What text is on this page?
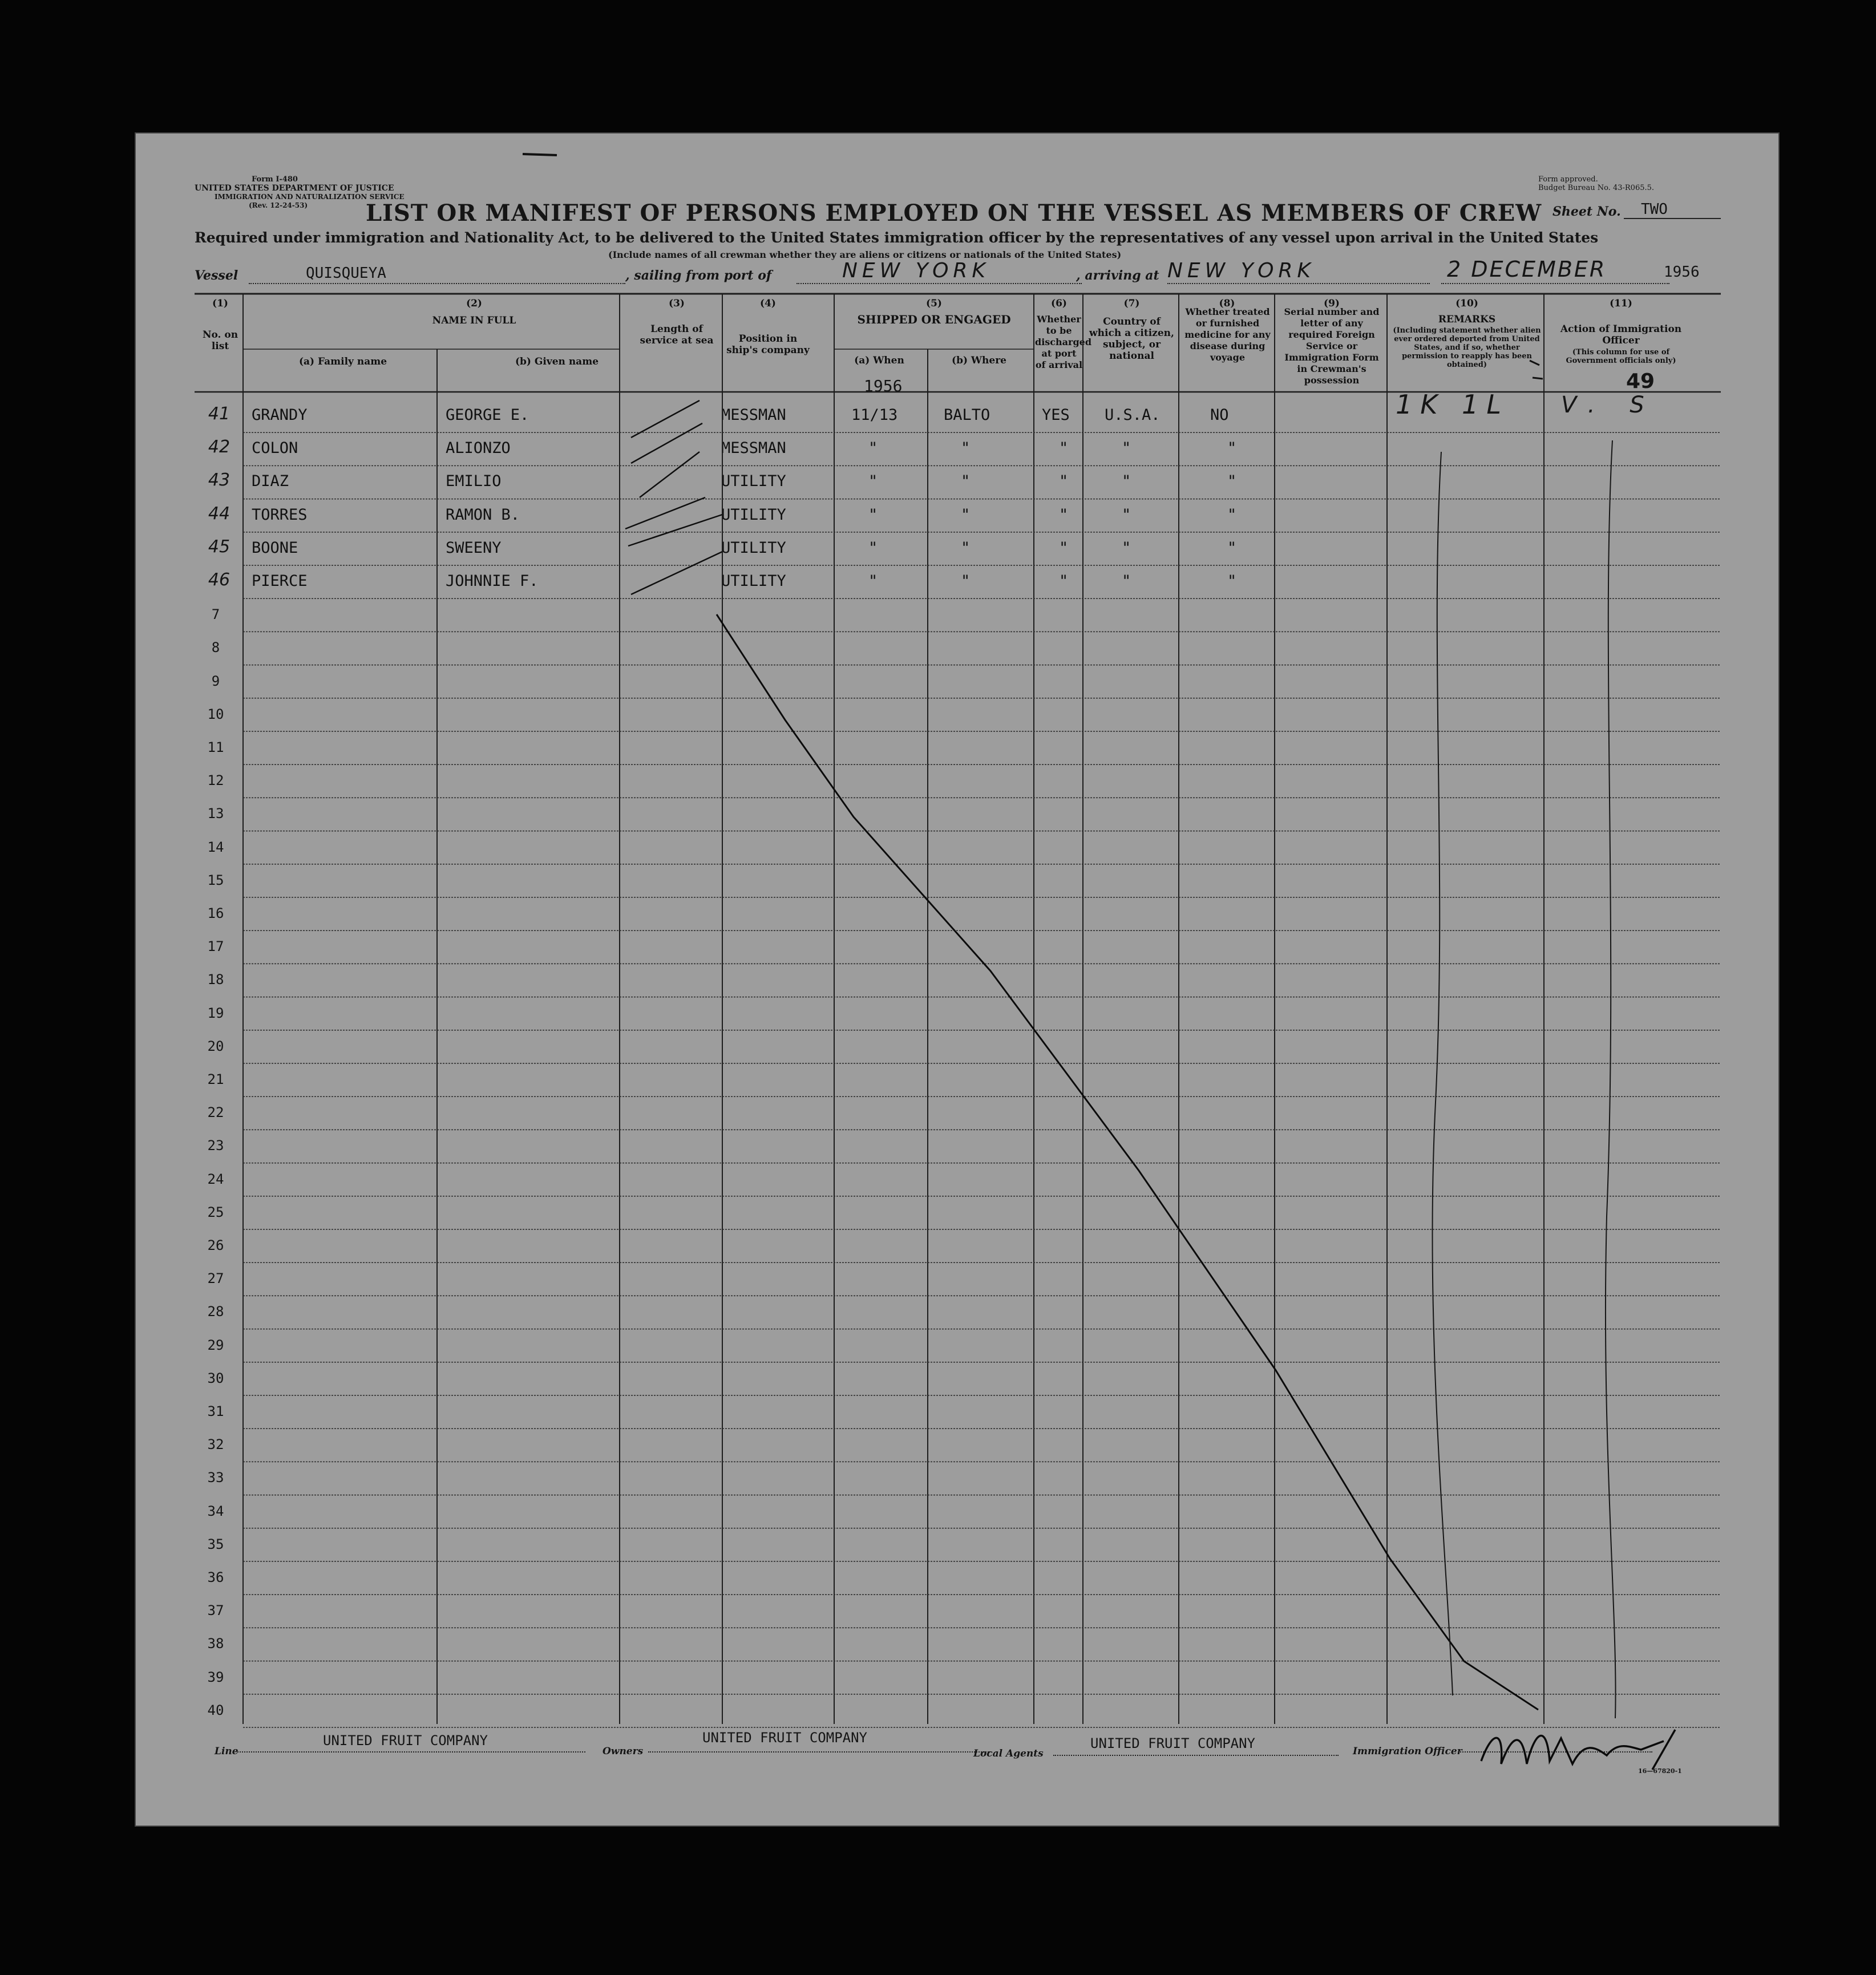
Form I-480
UNITED STATES DEPARTMENT OF JUSTICE
IMMIGRATION AND NATURALIZATION SERVICE
(Rev. 12-24-53)
Form approved.
Budget Bureau No. 43-R065.5.
LIST OR MANIFEST OF PERSONS EMPLOYED ON THE VESSEL AS MEMBERS OF CREW Sheet No. TWO
Required under immigration and Nationality Act, to be delivered to the United States immigration officer by the representatives of any vessel upon arrival in the United States
(Include names of all crewman whether they are aliens or citizens or nationals of the United States)
Vessel	QUISQUEYA	, sailing from port of	NEW YORK	, arriving at NEW YORK	2 DECEMBER	1956
(1)
No. on list
(2)
NAME IN FULL
(a) Family name	(b) Given name
(3)
Length of service at sea
(4)
Position in ship's company
(5)
SHIPPED OR ENGAGED
(a) When	(b) Where
1956
(6)
Whether to be discharged at port of arrival
(7)
Country of which a citizen, subject, or national
(8)
Whether treated or furnished medicine for any disease during voyage
(9)
Serial number and letter of any required Foreign Service or Immigration Form in Crewman's possession
(10)
REMARKS
(Including statement whether alien ever ordered deported from United States, and if so, whether permission to reapply has been obtained)
(11)
Action of Immigration Officer
(This column for use of Government officials only)
49
41	GRANDY	GEORGE E.	MESSMAN	11/13	BALTO	YES U.S.A.	NO
42	COLON	ALIONZO	MESSMAN	"	"	"	"	"
43	DIAZ	EMILIO	UTILITY	"	"	"	"	"
44	TORRES	RAMON B.	UTILITY	"	"	"	"	"
45	BOONE	SWEENY	UTILITY	"	"	"	"	"
46	PIERCE	JOHNNIE F.	UTILITY	"	"	"	"	"
7
8
9
10
11
12
13
14
15
16
17
18
19
20
21
22
23
24
25
26
27
28
29
30
31
32
33
34
35
36
37
38
39
40
1K 1L V. S
Line
UNITED FRUIT COMPANY
Owners
UNITED FRUIT COMPANY
Local Agents
UNITED FRUIT COMPANY	Immigration Officer
16—67820-1
